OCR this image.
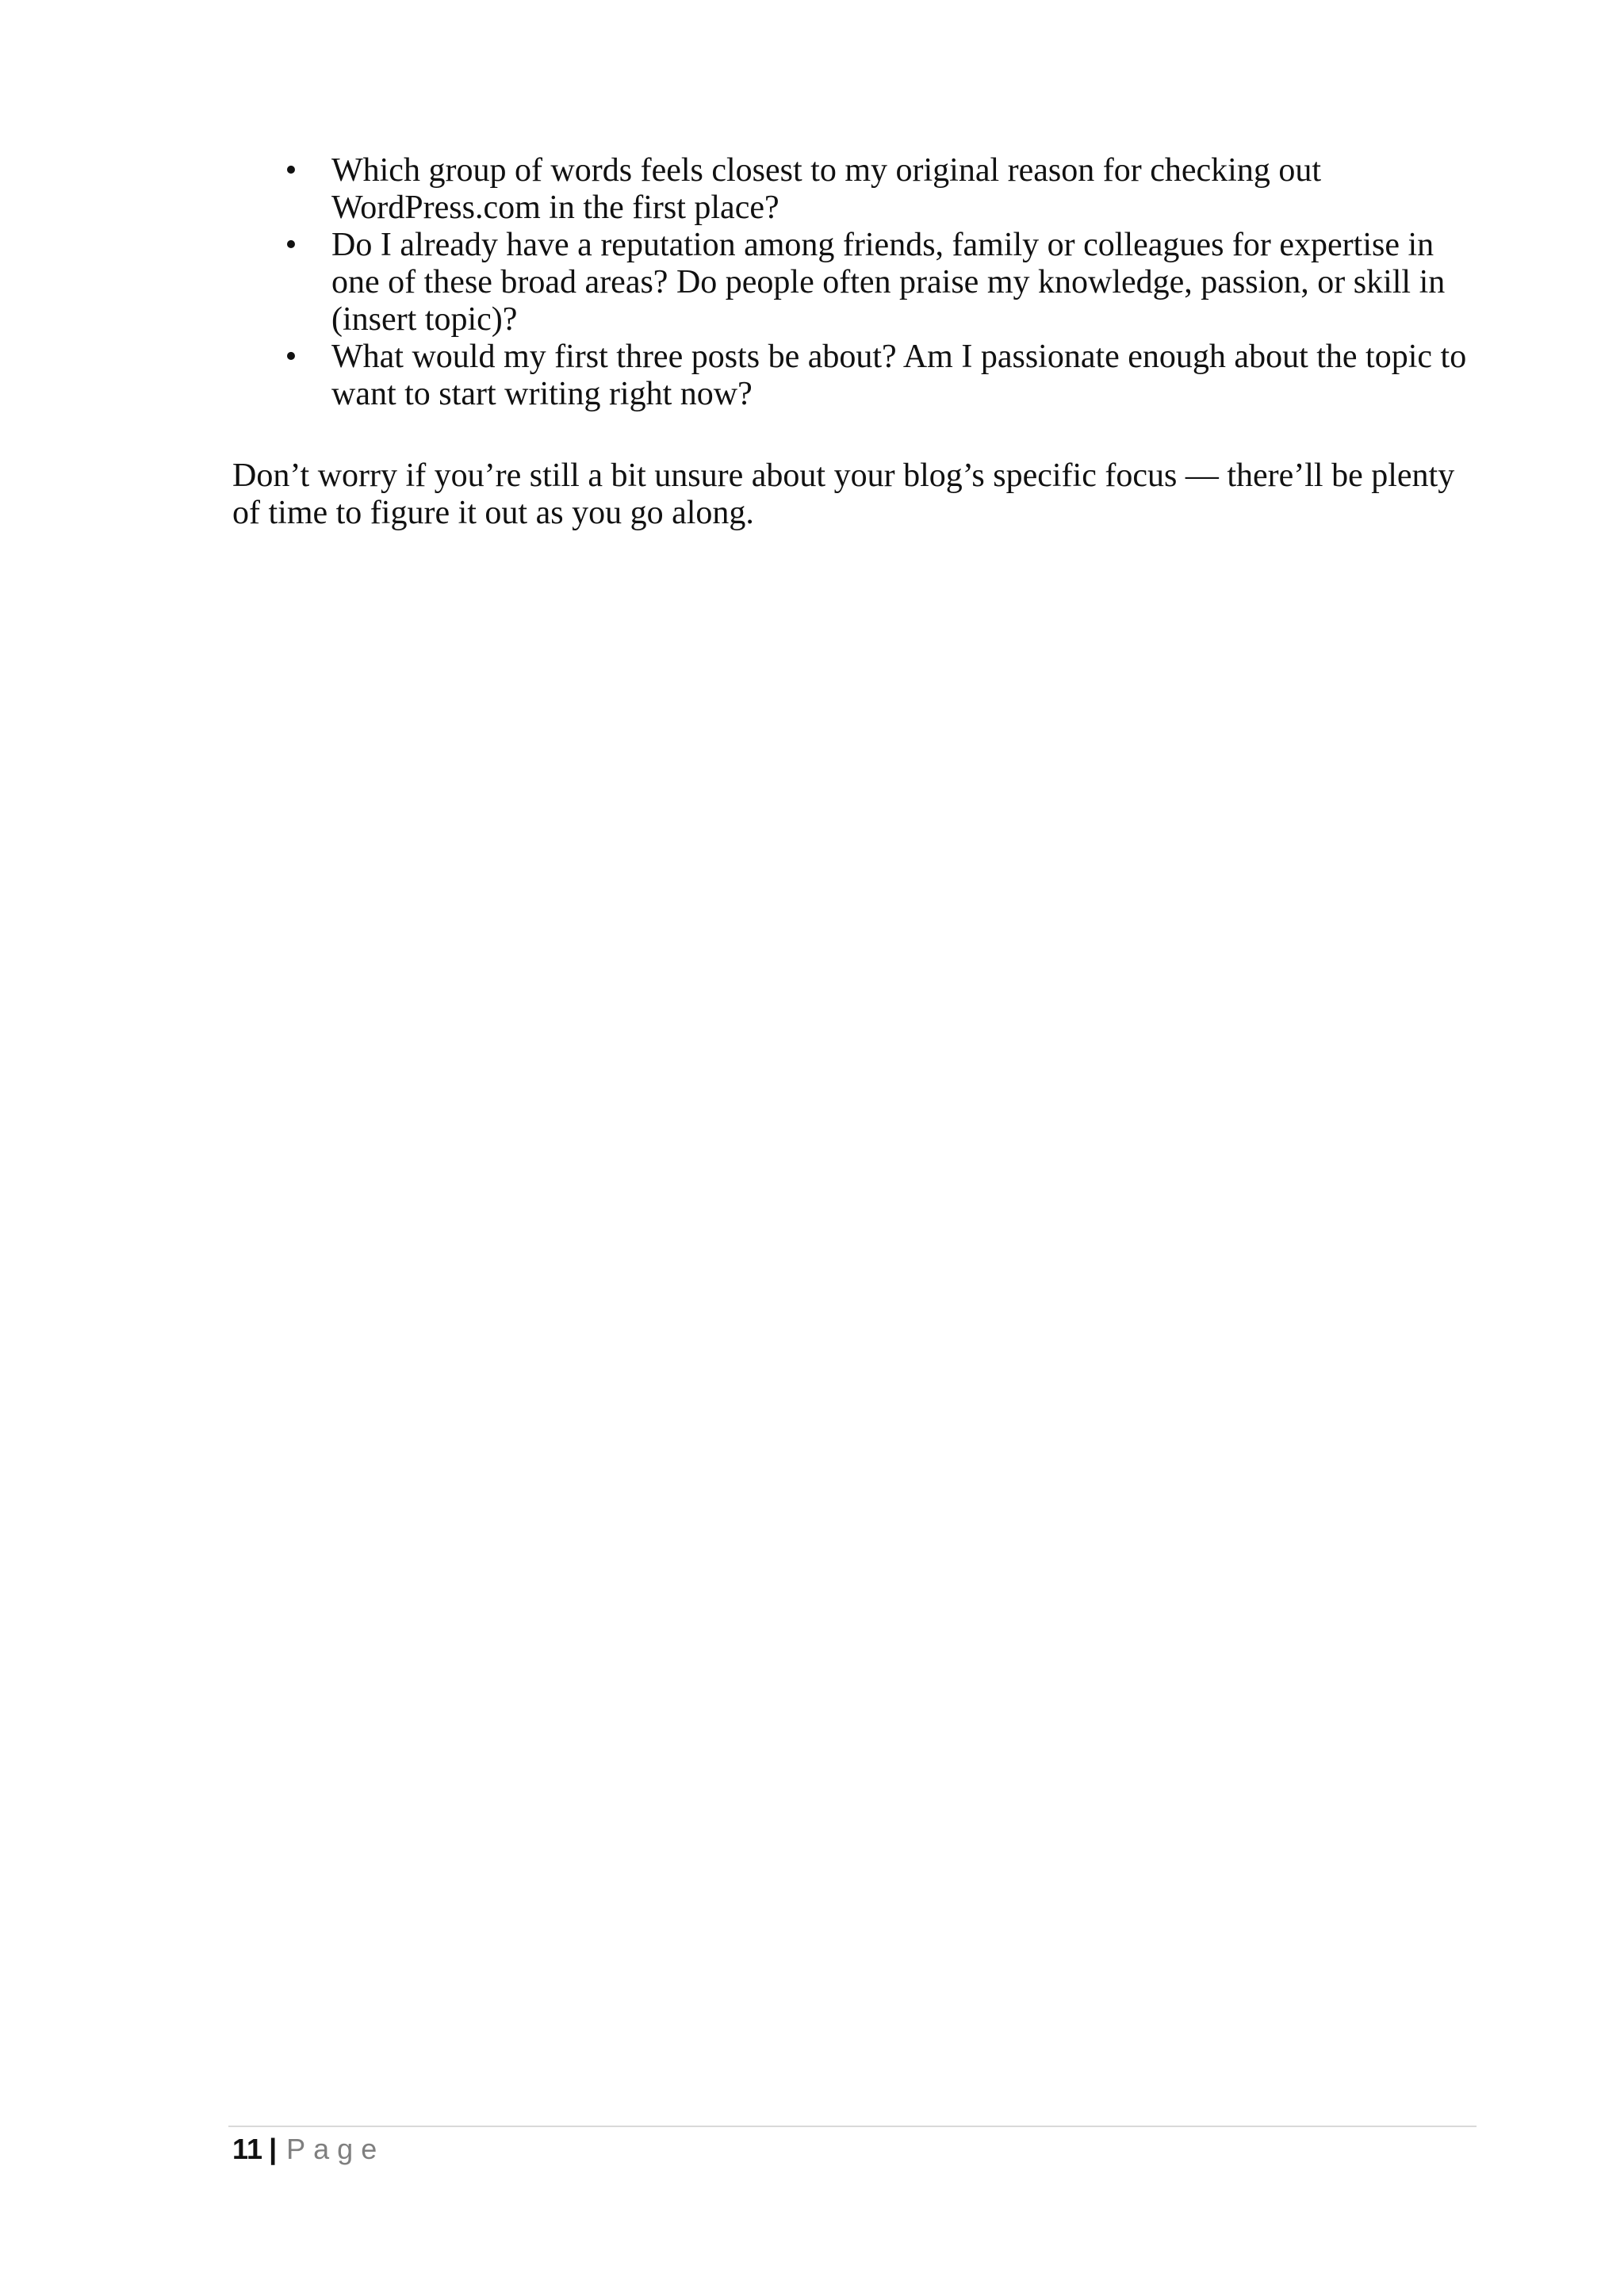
• Which group of words feels closest to my original reason for checking out WordPress.com in the first place?
• Do I already have a reputation among friends, family or colleagues for expertise in one of these broad areas? Do people often praise my knowledge, passion, or skill in (insert topic)?
• What would my first three posts be about? Am I passionate enough about the topic to want to start writing right now?

Don’t worry if you’re still a bit unsure about your blog’s specific focus — there’ll be plenty of time to figure it out as you go along.

11 | Page
